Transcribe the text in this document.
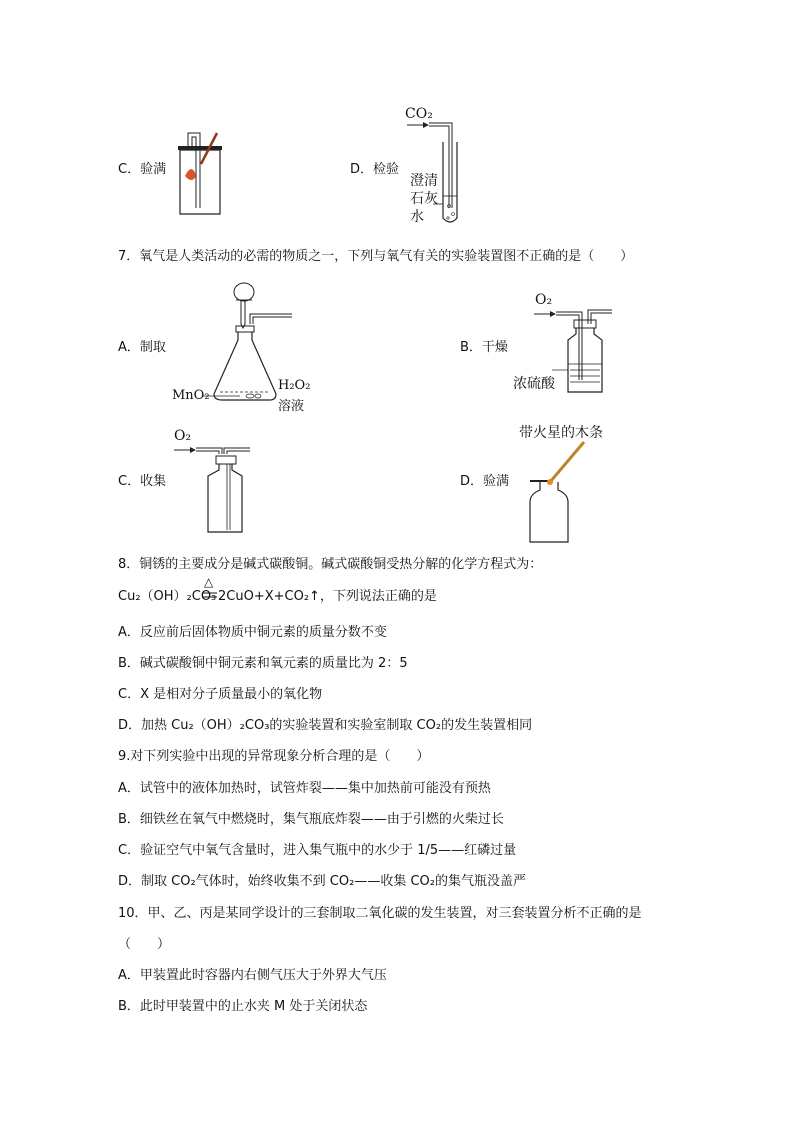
C．验满	D．检验
CO₂
澄清
石灰
水
7．氧气是人类活动的必需的物质之一，下列与氧气有关的实验装置图不正确的是（　　）
A．制取
MnO₂
H₂O₂
溶液
B．干燥
O₂
浓硫酸
C．收集
O₂
D．验满
带火星的木条
8．铜锈的主要成分是碱式碳酸铜。碱式碳酸铜受热分解的化学方程式为：
Cu₂（OH）₂CO₃
△
2CuO+X+CO₂↑，下列说法正确的是
A．反应前后固体物质中铜元素的质量分数不变
B．碱式碳酸铜中铜元素和氧元素的质量比为 2：5
C．X 是相对分子质量最小的氧化物
D．加热 Cu₂（OH）₂CO₃的实验装置和实验室制取 CO₂的发生装置相同
9.对下列实验中出现的异常现象分析合理的是（　　）
A．试管中的液体加热时，试管炸裂——集中加热前可能没有预热
B．细铁丝在氧气中燃烧时，集气瓶底炸裂——由于引燃的火柴过长
C．验证空气中氧气含量时，进入集气瓶中的水少于 1/5——红磷过量
D．制取 CO₂气体时，始终收集不到 CO₂——收集 CO₂的集气瓶没盖严
10．甲、乙、丙是某同学设计的三套制取二氧化碳的发生装置，对三套装置分析不正确的是
（　　）
A．甲装置此时容器内右侧气压大于外界大气压
B．此时甲装置中的止水夹 M 处于关闭状态
